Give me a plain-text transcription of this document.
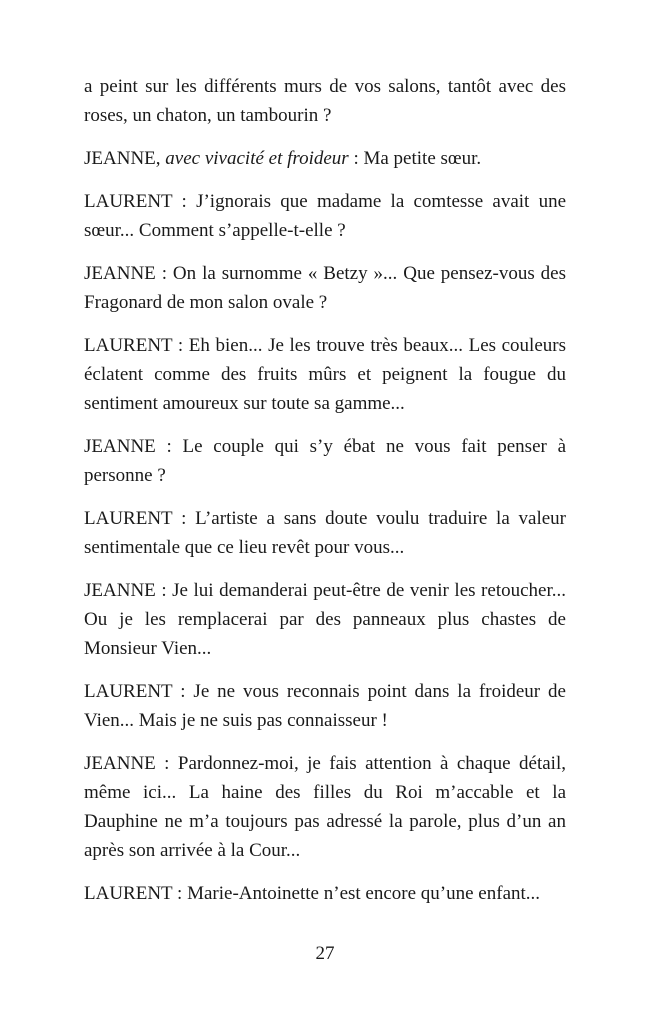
a peint sur les différents murs de vos salons, tantôt avec des roses, un chaton, un tambourin ?

JEANNE, avec vivacité et froideur : Ma petite sœur.

LAURENT : J’ignorais que madame la comtesse avait une sœur... Comment s’appelle-t-elle ?

JEANNE : On la surnomme « Betzy »... Que pensez-vous des Fragonard de mon salon ovale ?

LAURENT : Eh bien... Je les trouve très beaux... Les couleurs éclatent comme des fruits mûrs et peignent la fougue du sentiment amoureux sur toute sa gamme...

JEANNE : Le couple qui s’y ébat ne vous fait penser à personne ?

LAURENT : L’artiste a sans doute voulu traduire la valeur sentimentale que ce lieu revêt pour vous...

JEANNE : Je lui demanderai peut-être de venir les retoucher... Ou je les remplacerai par des panneaux plus chastes de Monsieur Vien...

LAURENT : Je ne vous reconnais point dans la froideur de Vien... Mais je ne suis pas connaisseur !

JEANNE : Pardonnez-moi, je fais attention à chaque détail, même ici... La haine des filles du Roi m’accable et la Dauphine ne m’a toujours pas adressé la parole, plus d’un an après son arrivée à la Cour...

LAURENT : Marie-Antoinette n’est encore qu’une enfant...

27
